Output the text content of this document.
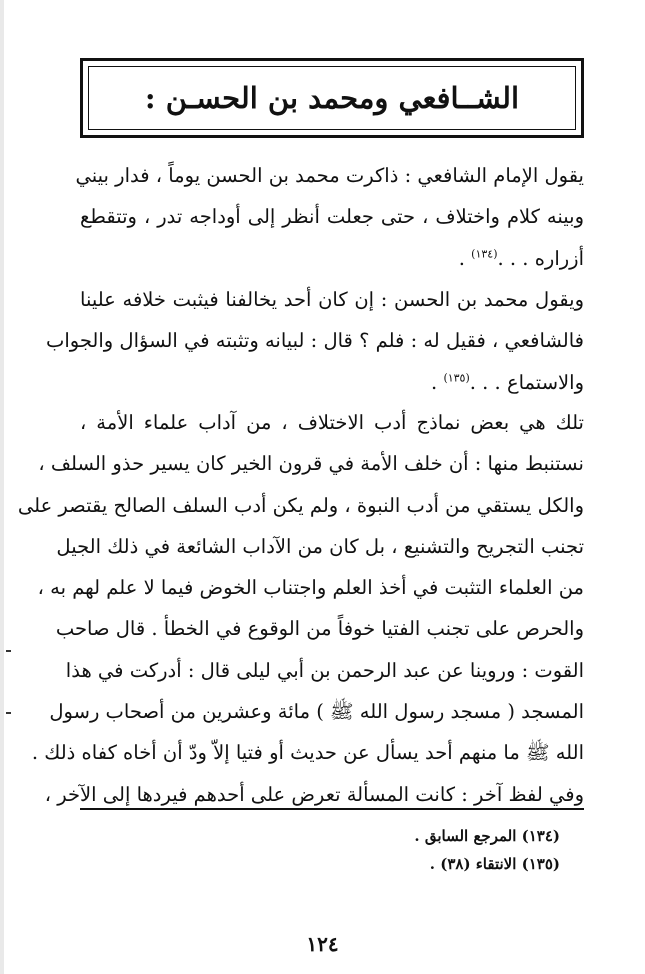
الشــافعي ومحمد بن الحسـن :
يقول الإمام الشافعي : ذاكرت محمد بن الحسن يوماً ، فدار بيني
وبينه كلام واختلاف ، حتى جعلت أنظر إلى أوداجه تدر ، وتتقطع
أزراره . . .$^{(١٣٤)}$ .
ويقول محمد بن الحسن : إن كان أحد يخالفنا فيثبت خلافه علينا
فالشافعي ، فقيل له : فلم ؟ قال : لبيانه وتثبته في السؤال والجواب
والاستماع . . .$^{(١٣٥)}$ .
تلك هي بعض نماذج أدب الاختلاف ، من آداب علماء الأمة ،
نستنبط منها : أن خلف الأمة في قرون الخير كان يسير حذو السلف ،
والكل يستقي من أدب النبوة ، ولم يكن أدب السلف الصالح يقتصر على
تجنب التجريح والتشنيع ، بل كان من الآداب الشائعة في ذلك الجيل
من العلماء التثبت في أخذ العلم واجتناب الخوض فيما لا علم لهم به ،
والحرص على تجنب الفتيا خوفاً من الوقوع في الخطأ . قال صاحب
القوت : وروينا عن عبد الرحمن بن أبي ليلى قال : أدركت في هذا
المسجد ( مسجد رسول الله ﷺ ) مائة وعشرين من أصحاب رسول
الله ﷺ ما منهم أحد يسأل عن حديث أو فتيا إلاّ ودّ أن أخاه كفاه ذلك .
وفي لفظ آخر : كانت المسألة تعرض على أحدهم فيردها إلى الآخر ،
(١٣٤) المرجع السابق .
(١٣٥) الانتقاء (٣٨) .
١٢٤
